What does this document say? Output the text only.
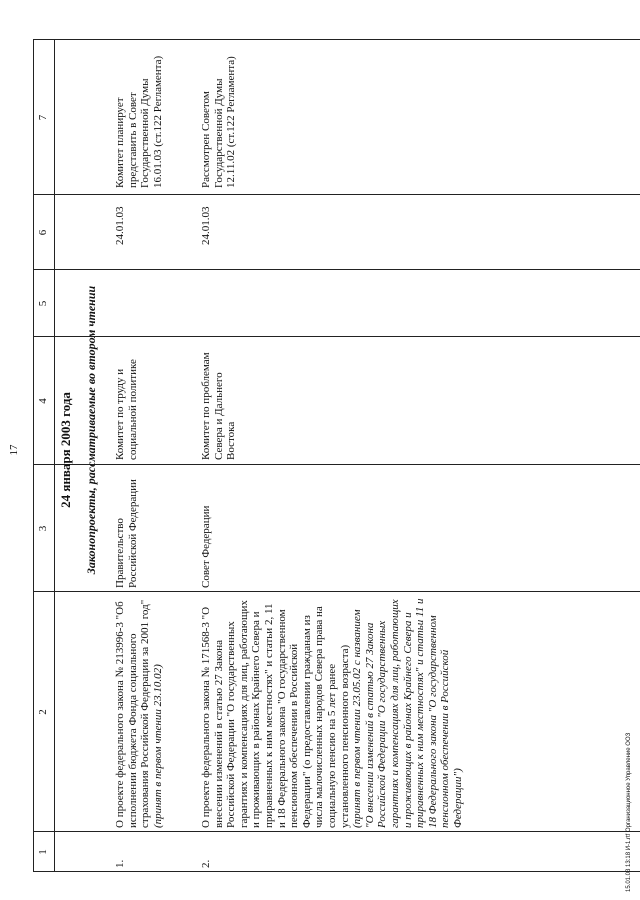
17
1
2
3
4
5
6
7
24 января 2003 года Законопроекты, рассматриваемые во втором чтении
1.
О проекте федерального закона № 213996-3 "Об исполнении бюджета Фонда социального страхования Российской Федерации за 2001 год"
(принят в первом чтении 23.10.02)
Правительство Российской Федерации
Комитет по труду и социальной политике
24.01.03
Комитет планирует представить в Совет Государственной Думы 16.01.03 (ст.122 Регламента)
2.
О проекте федерального закона № 171568-3 "О внесении изменений в статью 27 Закона Российской Федерации "О государственных гарантиях и компенсациях для лиц, работающих и проживающих в районах Крайнего Севера и приравненных к ним местностях" и статьи 2, 11 и 18 Федерального закона "О государственном пенсионном обеспечении в Российской Федерации" (о предоставлении гражданам из числа малочисленных народов Севера права на социальную пенсию на 5 лет ранее установленного пенсионного возраста)
(принят в первом чтении 23.05.02 с названием "О внесении изменений в статью 27 Закона Российской Федерации "О государственных гарантиях и компенсациях для лиц, работающих и проживающих в районах Крайнего Севера и приравненных к ним местностях" и статьи 11 и 18 Федерального закона "О государственном пенсионном обеспечении в Российской Федерации")
Совет Федерации
Комитет по проблемам Севера и Дальнего Востока
24.01.03
Рассмотрен Советом Государственной Думы 12.11.02 (ст.122 Регламента)
15.01.03 13:18 И-1.rtf Организационное Управление ООЗ
